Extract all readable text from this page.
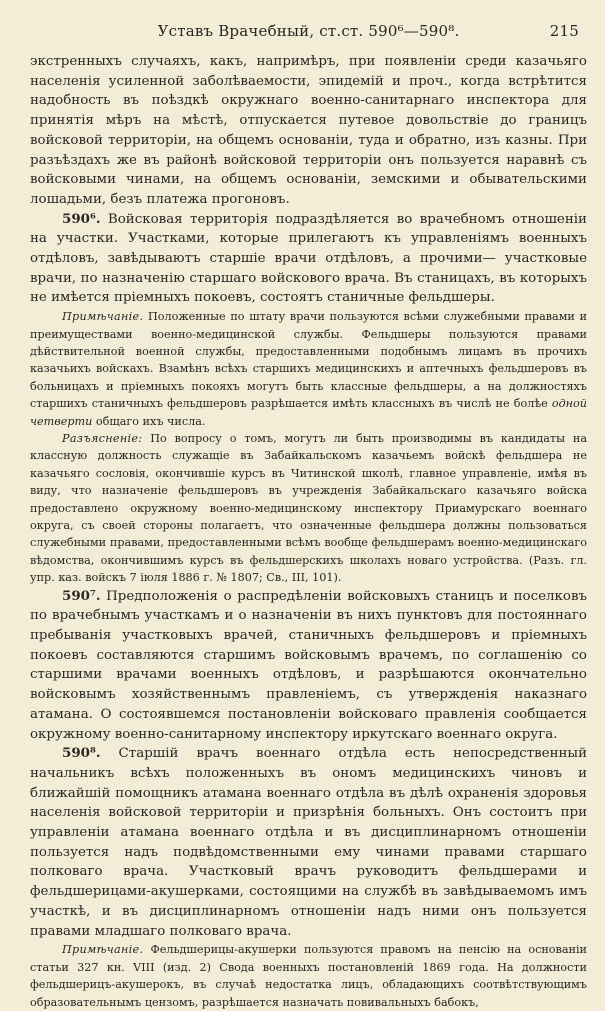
Уставъ Врачебный, ст.ст. 590⁶—590⁸.	215

экстренныхъ случаяхъ, какъ, напримѣръ, при появленіи среди казачьяго населенія усиленной заболѣваемости, эпидемій и проч., когда встрѣтится надобность въ поѣздкѣ окружнаго военно-санитарнаго инспектора для принятія мѣръ на мѣстѣ, отпускается путевое довольствіе до границъ войсковой территоріи, на общемъ основаніи, туда и обратно, изъ казны. При разъѣздахъ же въ районѣ войсковой территоріи онъ пользуется наравнѣ съ войсковыми чинами, на общемъ основаніи, земскими и обывательскими лошадьми, безъ платежа прогоновъ.

590⁶. Войсковая территорія подраздѣляется во врачебномъ отношеніи на участки. Участками, которые прилегаютъ къ управленіямъ военныхъ отдѣловъ, завѣдываютъ старшіе врачи отдѣловъ, а прочими— участковые врачи, по назначенію старшаго войскового врача. Въ станицахъ, въ которыхъ не имѣется пріемныхъ покоевъ, состоятъ станичные фельдшеры.

Примѣчаніе. Положенные по штату врачи пользуются всѣми служебными правами и преимуществами военно-медицинской службы. Фельдшеры пользуются правами дѣйствительной военной службы, предоставленными подобнымъ лицамъ въ прочихъ казачьихъ войскахъ. Взамѣнъ всѣхъ старшихъ медицинскихъ и аптечныхъ фельдшеровъ въ больницахъ и пріемныхъ покояхъ могутъ быть классные фельдшеры, а на должностяхъ старшихъ станичныхъ фельдшеровъ разрѣшается имѣть классныхъ въ числѣ не болѣе одной четверти общаго ихъ числа.

Разъясненіе: По вопросу о томъ, могутъ ли быть производимы въ кандидаты на классную должность служащіе въ Забайкальскомъ казачьемъ войскѣ фельдшера не казачьяго сословія, окончившіе курсъ въ Читинской школѣ, главное управленіе, имѣя въ виду, что назначеніе фельдшеровъ въ учрежденія Забайкальскаго казачьяго войска предоставлено окружному военно-медицинскому инспектору Приамурскаго военнаго округа, съ своей стороны полагаетъ, что означенные фельдшера должны пользоваться служебными правами, предоставленными всѣмъ вообще фельдшерамъ военно-медицинскаго вѣдомства, окончившимъ курсъ въ фельдшерскихъ школахъ новаго устройства. (Разъ. гл. упр. каз. войскъ 7 іюля 1886 г. № 1807; Св., III, 101).

590⁷. Предположенія о распредѣленіи войсковыхъ станицъ и поселковъ по врачебнымъ участкамъ и о назначеніи въ нихъ пунктовъ для постояннаго пребыванія участковыхъ врачей, станичныхъ фельдшеровъ и пріемныхъ покоевъ составляются старшимъ войсковымъ врачемъ, по соглашенію со старшими врачами военныхъ отдѣловъ, и разрѣшаются окончательно войсковымъ хозяйственнымъ правленіемъ, съ утвержденія наказнаго атамана. О состоявшемся постановленіи войсковаго правленія сообщается окружному военно-санитарному инспектору иркутскаго военнаго округа.

590⁸. Старшій врачъ военнаго отдѣла есть непосредственный начальникъ всѣхъ положенныхъ въ ономъ медицинскихъ чиновъ и ближайшій помощникъ атамана военнаго отдѣла въ дѣлѣ охраненія здоровья населенія войсковой территоріи и призрѣнія больныхъ. Онъ состоитъ при управленіи атамана военнаго отдѣла и въ дисциплинарномъ отношеніи пользуется надъ подвѣдомственными ему чинами правами старшаго полковаго врача. Участковый врачъ руководитъ фельдшерами и фельдшерицами-акушерками, состоящими на службѣ въ завѣдываемомъ имъ участкѣ, и въ дисциплинарномъ отношеніи надъ ними онъ пользуется правами младшаго полковаго врача.

Примѣчаніе. Фельдшерицы-акушерки пользуются правомъ на пенсію на основаніи статьи 327 кн. VIII (изд. 2) Свода военныхъ постановленій 1869 года. На должности фельдшерицъ-акушерокъ, въ случаѣ недостатка лицъ, обладающихъ соотвѣтствующимъ образовательнымъ цензомъ, разрѣшается назначать повивальныхъ бабокъ,
